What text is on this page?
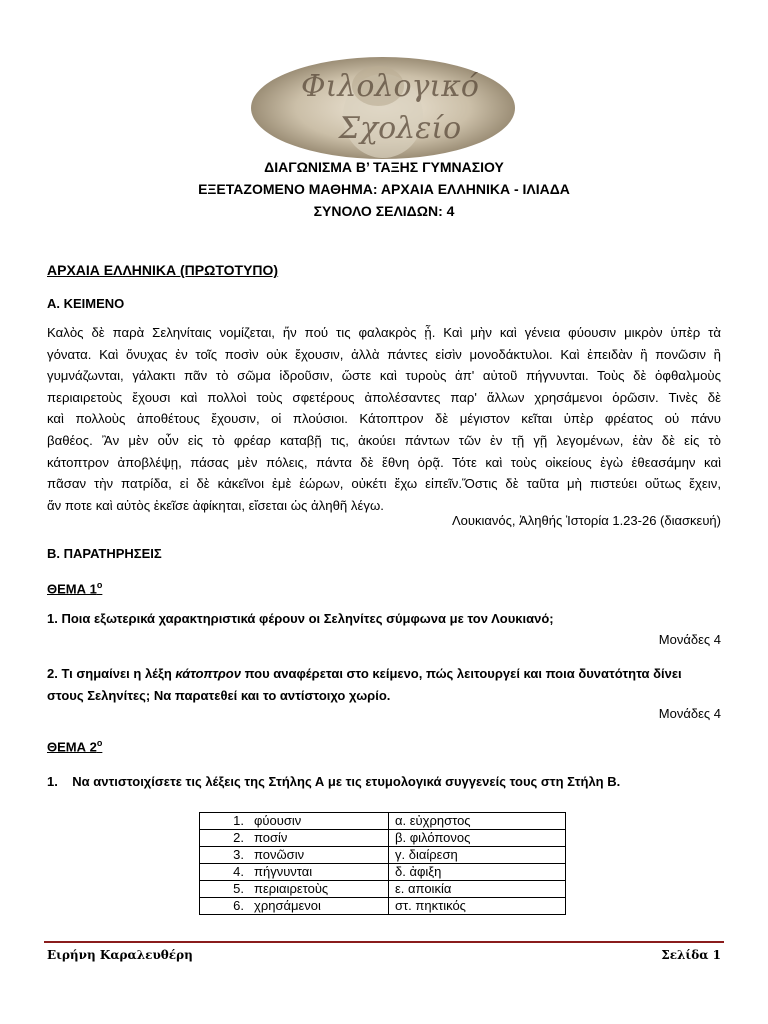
Φιλολογικό
Σχολείο
ΔΙΑΓΩΝΙΣΜΑ Β’ ΤΑΞΗΣ ΓΥΜΝΑΣΙΟΥ
ΕΞΕΤΑΖΟΜΕΝΟ ΜΑΘΗΜΑ: ΑΡΧΑΙΑ ΕΛΛΗΝΙΚΑ - ΙΛΙΑΔΑ
ΣΥΝΟΛΟ ΣΕΛΙΔΩΝ: 4
ΑΡΧΑΙΑ ΕΛΛΗΝΙΚΑ (ΠΡΩΤΟΤΥΠΟ)
Α. ΚΕΙΜΕΝΟ
Καλὸς δὲ παρὰ Σεληνίταις νομίζεται, ἤν πού τις φαλακρὸς ᾖ. Καὶ μὴν καὶ γένεια φύουσιν μικρὸν ὑπὲρ τὰ
γόνατα. Καὶ ὄνυχας ἐν τοῖς ποσὶν οὐκ ἔχουσιν, ἀλλὰ πάντες εἰσὶν μονοδάκτυλοι. Καὶ ἐπειδὰν ἢ πονῶσιν ἢ
γυμνάζωνται, γάλακτι πᾶν τὸ σῶμα ἱδροῦσιν, ὥστε καὶ τυροὺς ἀπ' αὐτοῦ πήγνυνται. Τοὺς δὲ ὀφθαλμοὺς
περιαιρετοὺς ἔχουσι καὶ πολλοὶ τοὺς σφετέρους ἀπολέσαντες παρ' ἄλλων χρησάμενοι ὁρῶσιν. Τινὲς δὲ
καὶ πολλοὺς ἀποθέτους ἔχουσιν, οἱ πλούσιοι. Κάτοπτρον δὲ μέγιστον κεῖται ὑπὲρ φρέατος οὐ πάνυ
βαθέος. Ἂν μὲν οὖν εἰς τὸ φρέαρ καταβῇ τις, ἀκούει πάντων τῶν ἐν τῇ γῇ λεγομένων, ἐὰν δὲ εἰς τὸ
κάτοπτρον ἀποβλέψῃ, πάσας μὲν πόλεις, πάντα δὲ ἔθνη ὁρᾷ. Τότε καὶ τοὺς οἰκείους ἐγὼ ἐθεασάμην καὶ
πᾶσαν τὴν πατρίδα, εἰ δὲ κἀκεῖνοι ἐμὲ ἑώρων, οὐκέτι ἔχω εἰπεῖν.Ὅστις δὲ ταῦτα μὴ πιστεύει οὕτως ἔχειν,
ἄν ποτε καὶ αὐτὸς ἐκεῖσε ἀφίκηται, εἴσεται ὡς ἀληθῆ λέγω.
Λουκιανός, Ἀληθής Ἱστορία 1.23-26 (διασκευή)
Β. ΠΑΡΑΤΗΡΗΣΕΙΣ
ΘΕΜΑ $1^o$
1. Ποια εξωτερικά χαρακτηριστικά φέρουν οι Σεληνίτες σύμφωνα με τον Λουκιανό;
Μονάδες 4
2. Τι σημαίνει η λέξη κάτοπτρον που αναφέρεται στο κείμενο, πώς λειτουργεί και ποια δυνατότητα δίνει στους Σεληνίτες; Να παρατεθεί και το αντίστοιχο χωρίο.
Μονάδες 4
ΘΕΜΑ $2^o$
1.    Να αντιστοιχίσετε τις λέξεις της Στήλης Α με τις ετυμολογικά συγγενείς τους στη Στήλη Β.
1. φύουσιν	α. εὐχρηστος
2. ποσίν	β. φιλόπονος
3. πονῶσιν	γ. διαίρεση
4. πήγνυνται	δ. ἀφιξη
5. περιαιρετοὺς	ε. αποικία
6. χρησάμενοι	στ. πηκτικός
Ειρήνη Καραλευθέρη	Σελίδα 1
